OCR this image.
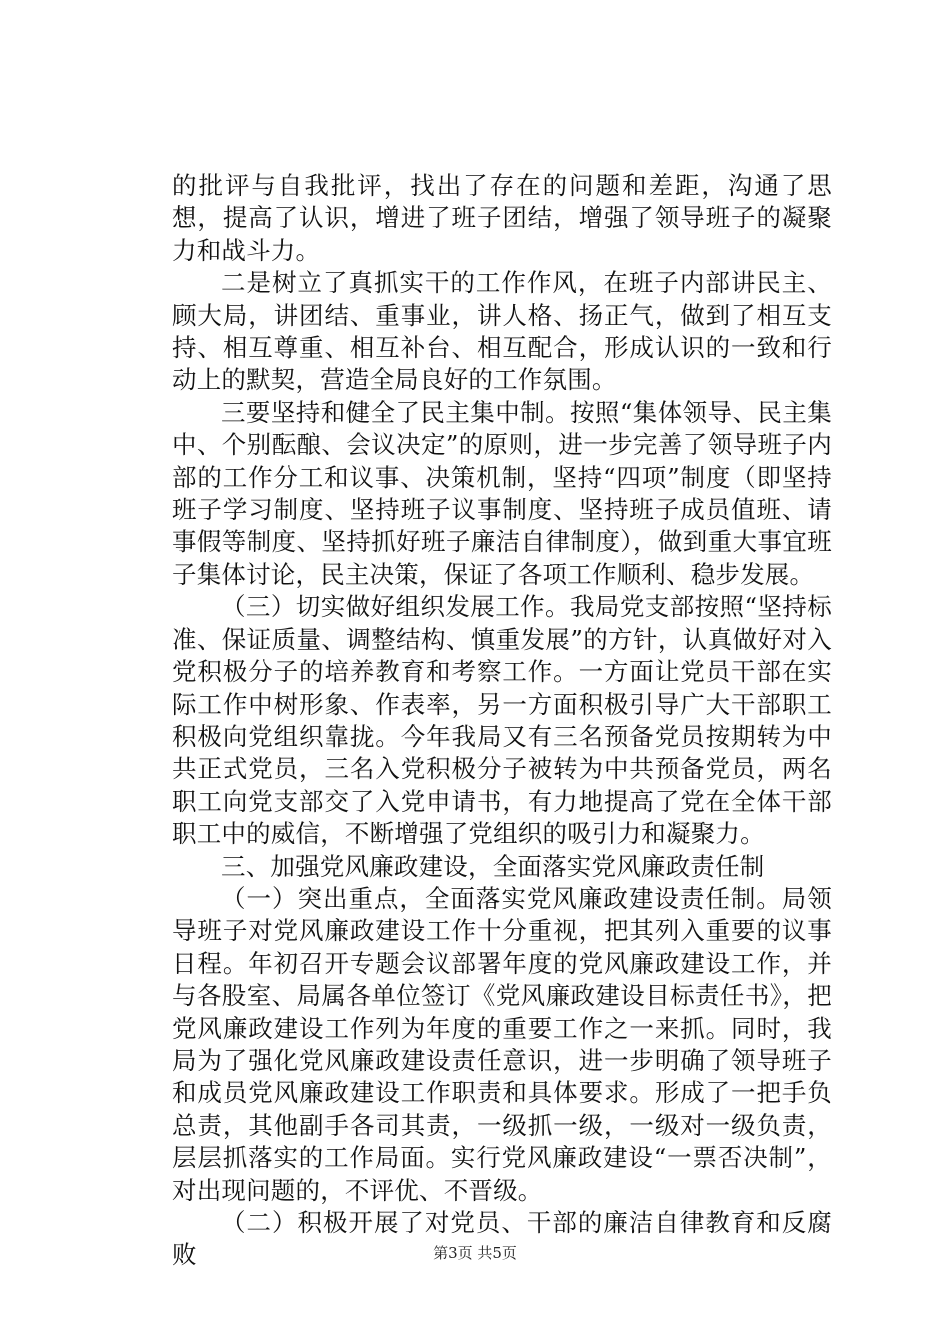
的批评与自我批评，找出了存在的问题和差距，沟通了思想，提高了认识，增进了班子团结，增强了领导班子的凝聚力和战斗力。

二是树立了真抓实干的工作作风，在班子内部讲民主、顾大局，讲团结、重事业，讲人格、扬正气，做到了相互支持、相互尊重、相互补台、相互配合，形成认识的一致和行动上的默契，营造全局良好的工作氛围。

三要坚持和健全了民主集中制。按照“集体领导、民主集中、个别酝酿、会议决定”的原则，进一步完善了领导班子内部的工作分工和议事、决策机制，坚持“四项”制度（即坚持班子学习制度、坚持班子议事制度、坚持班子成员值班、请事假等制度、坚持抓好班子廉洁自律制度），做到重大事宜班子集体讨论，民主决策，保证了各项工作顺利、稳步发展。

（三）切实做好组织发展工作。我局党支部按照“坚持标准、保证质量、调整结构、慎重发展”的方针，认真做好对入党积极分子的培养教育和考察工作。一方面让党员干部在实际工作中树形象、作表率，另一方面积极引导广大干部职工积极向党组织靠拢。今年我局又有三名预备党员按期转为中共正式党员，三名入党积极分子被转为中共预备党员，两名职工向党支部交了入党申请书，有力地提高了党在全体干部职工中的威信，不断增强了党组织的吸引力和凝聚力。

三、加强党风廉政建设，全面落实党风廉政责任制

（一）突出重点，全面落实党风廉政建设责任制。局领导班子对党风廉政建设工作十分重视，把其列入重要的议事日程。年初召开专题会议部署年度的党风廉政建设工作，并与各股室、局属各单位签订《党风廉政建设目标责任书》，把党风廉政建设工作列为年度的重要工作之一来抓。同时，我局为了强化党风廉政建设责任意识，进一步明确了领导班子和成员党风廉政建设工作职责和具体要求。形成了一把手负总责，其他副手各司其责，一级抓一级，一级对一级负责，层层抓落实的工作局面。实行党风廉政建设“一票否决制”，对出现问题的，不评优、不晋级。

（二）积极开展了对党员、干部的廉洁自律教育和反腐败	第3页 共5页
